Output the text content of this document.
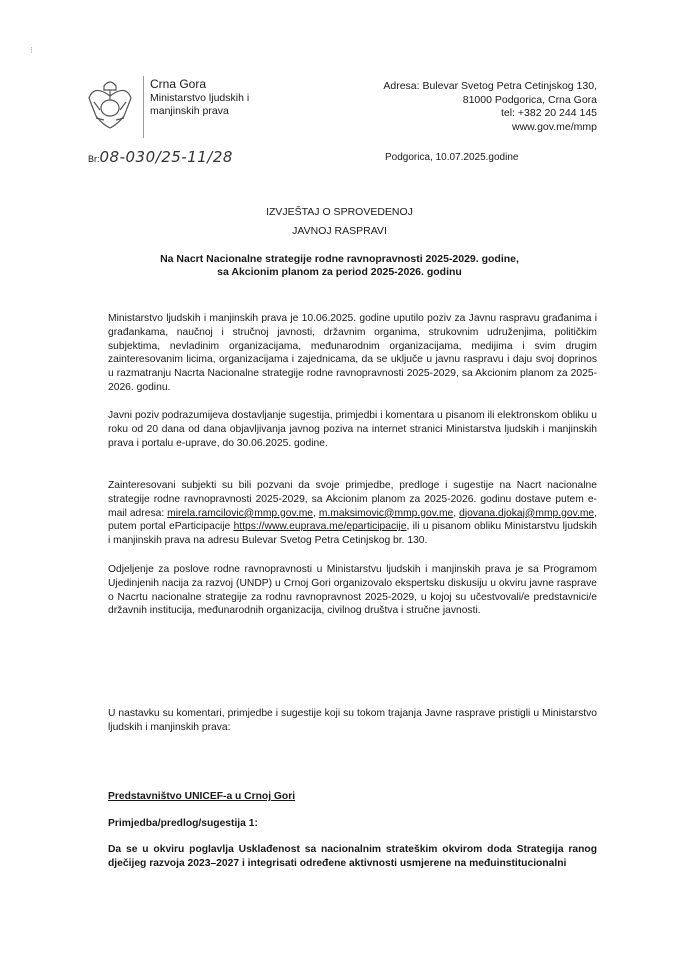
⁝
Crna Gora
Ministarstvo ljudskih i
manjinskih prava
Adresa: Bulevar Svetog Petra Cetinjskog 130,
81000 Podgorica, Crna Gora
tel: +382 20 244 145
www.gov.me/mmp
Br:08-030/25-11/28	Podgorica, 10.07.2025.godine
IZVJEŠTAJ O SPROVEDENOJ
JAVNOJ RASPRAVI
Na Nacrt Nacionalne strategije rodne ravnopravnosti 2025-2029. godine,
sa Akcionim planom za period 2025-2026. godinu
Ministarstvo ljudskih i manjinskih prava je 10.06.2025. godine uputilo poziv za Javnu raspravu građanima i građankama, naučnoj i stručnoj javnosti, državnim organima, strukovnim udruženjima, političkim subjektima, nevladinim organizacijama, međunarodnim organizacijama, medijima i svim drugim zainteresovanim licima, organizacijama i zajednicama, da se uključe u javnu raspravu i daju svoj doprinos u razmatranju Nacrta Nacionalne strategije rodne ravnopravnosti 2025-2029, sa Akcionim planom za 2025-2026. godinu.
Javni poziv podrazumijeva dostavljanje sugestija, primjedbi i komentara u pisanom ili elektronskom obliku u roku od 20 dana od dana objavljivanja javnog poziva na internet stranici Ministarstva ljudskih i manjinskih prava i portalu e-uprave, do 30.06.2025. godine.
Zainteresovani subjekti su bili pozvani da svoje primjedbe, predloge i sugestije na Nacrt nacionalne strategije rodne ravnopravnosti 2025-2029, sa Akcionim planom za 2025-2026. godinu dostave putem e-mail adresa: mirela.ramcilovic@mmp.gov.me, m.maksimovic@mmp.gov.me, djovana.djokaj@mmp.gov.me, putem portal eParticipacije https://www.euprava.me/eparticipacije, ili u pisanom obliku Ministarstvu ljudskih i manjinskih prava na adresu Bulevar Svetog Petra Cetinjskog br. 130.
Odjeljenje za poslove rodne ravnopravnosti u Ministarstvu ljudskih i manjinskih prava je sa Programom Ujedinjenih nacija za razvoj (UNDP) u Crnoj Gori organizovalo ekspertsku diskusiju u okviru javne rasprave o Nacrtu nacionalne strategije za rodnu ravnopravnost 2025-2029, u kojoj su učestvovali/e predstavnici/e državnih institucija, međunarodnih organizacija, civilnog društva i stručne javnosti.
U nastavku su komentari, primjedbe i sugestije koji su tokom trajanja Javne rasprave pristigli u Ministarstvo ljudskih i manjinskih prava:
Predstavništvo UNICEF-a u Crnoj Gori
Primjedba/predlog/sugestija 1:
Da se u okviru poglavlja Usklađenost sa nacionalnim strateškim okvirom doda Strategija ranog dječijeg razvoja 2023–2027 i integrisati određene aktivnosti usmjerene na međuinstitucionalni
